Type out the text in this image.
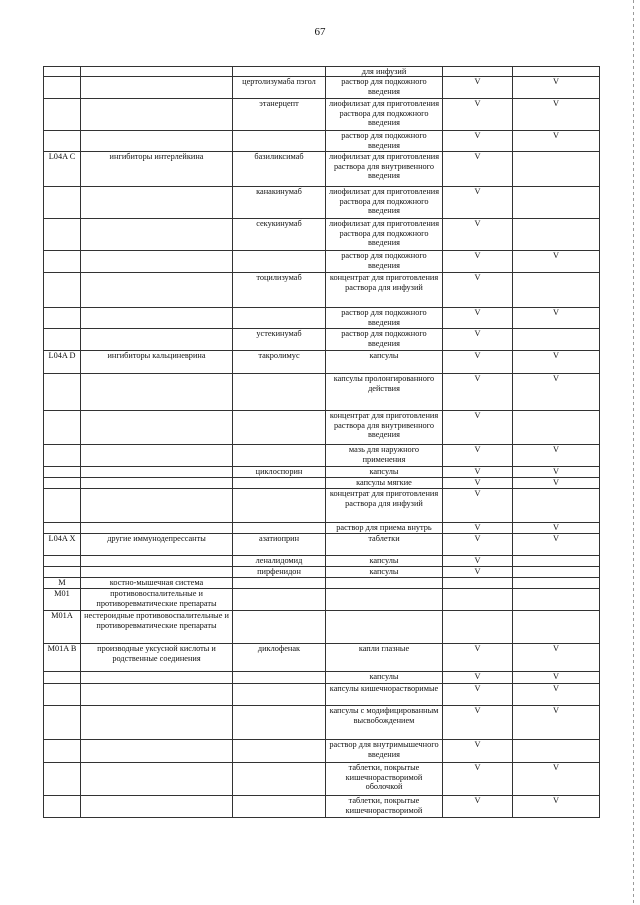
67
			для инфузий		
		цертолизумаба пэгол	раствор для подкожного введения	V	V
		этанерцепт	лиофилизат для приготовления раствора для подкожного введения	V	V
			раствор для подкожного введения	V	V
L04A C	ингибиторы интерлейкина	базиликсимаб	лиофилизат для приготовления раствора для внутривенного введения	V	
		канакинумаб	лиофилизат для приготовления раствора для подкожного введения	V	
		секукинумаб	лиофилизат для приготовления раствора для подкожного введения	V	
			раствор для подкожного введения	V	V
		тоцилизумаб	концентрат для приготовления раствора для инфузий	V	
			раствор для подкожного введения	V	V
		устекинумаб	раствор для подкожного введения	V	
L04A D	ингибиторы кальциневрина	такролимус	капсулы	V	V
			капсулы пролонгированного действия	V	V
			концентрат для приготовления раствора для внутривенного введения	V	
			мазь для наружного применения	V	V
		циклоспорин	капсулы	V	V
			капсулы мягкие	V	V
			концентрат для приготовления раствора для инфузий	V	
			раствор для приема внутрь	V	V
L04A X	другие иммунодепрессанты	азатиоприн	таблетки	V	V
		леналидомид	капсулы	V	
		пирфенидон	капсулы	V	
M	костно-мышечная система				
M01	противовоспалительные и противоревматические препараты				
M01A	нестероидные противовоспалительные и противоревматические препараты				
M01A B	производные уксусной кислоты и родственные соединения	диклофенак	капли глазные	V	V
			капсулы	V	V
			капсулы кишечнорастворимые	V	V
			капсулы с модифицированным высвобождением	V	V
			раствор для внутримышечного введения	V	
			таблетки, покрытые кишечнорастворимой оболочкой	V	V
			таблетки, покрытые кишечнорастворимой	V	V
